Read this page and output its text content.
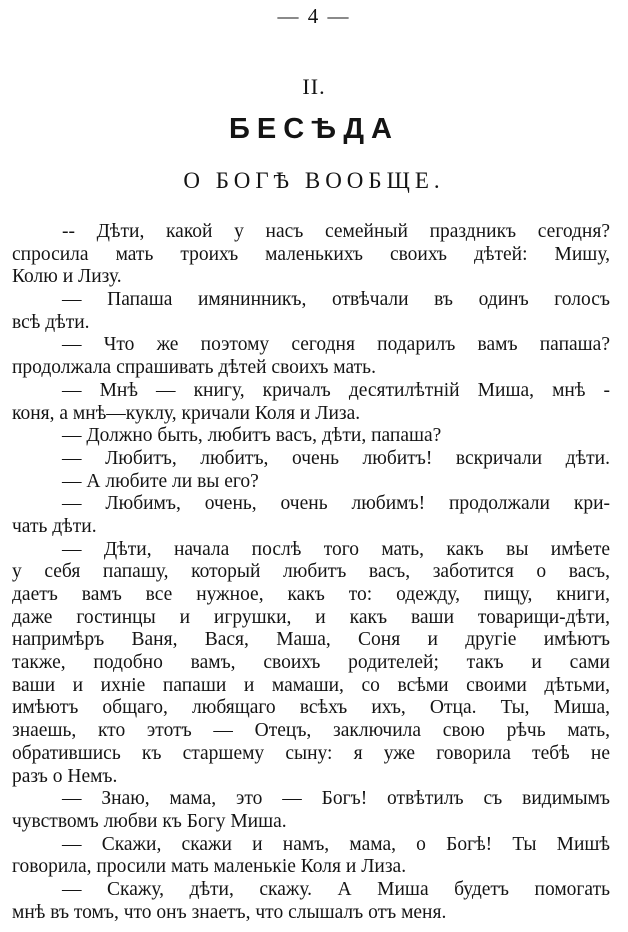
— 4 —
II.
БЕСѢДА
О БОГѢ ВООБЩЕ.
-- Дѣти, какой у насъ семейный праздникъ сегодня?
спросила мать троихъ маленькихъ своихъ дѣтей: Мишу,
Колю и Лизу.
— Папаша имянинникъ, отвѣчали въ одинъ голосъ
всѣ дѣти.
— Что же поэтому сегодня подарилъ вамъ папаша?
продолжала спрашивать дѣтей своихъ мать.
— Мнѣ — книгу, кричалъ десятилѣтній Миша, мнѣ -
коня, а мнѣ—куклу, кричали Коля и Лиза.
— Должно быть, любитъ васъ, дѣти, папаша?
— Любитъ, любитъ, очень любитъ! вскричали дѣти.
— А любите ли вы его?
— Любимъ, очень, очень любимъ! продолжали кри-
чать дѣти.
— Дѣти, начала послѣ того мать, какъ вы имѣете
у себя папашу, который любитъ васъ, заботится о васъ,
даетъ вамъ все нужное, какъ то: одежду, пищу, книги,
даже гостинцы и игрушки, и какъ ваши товарищи-дѣти,
напримѣръ Ваня, Вася, Маша, Соня и другіе имѣютъ
также, подобно вамъ, своихъ родителей; такъ и сами
ваши и ихніе папаши и мамаши, со всѣми своими дѣтьми,
имѣютъ общаго, любящаго всѣхъ ихъ, Отца. Ты, Миша,
знаешь, кто этотъ — Отецъ, заключила свою рѣчь мать,
обратившись къ старшему сыну: я уже говорила тебѣ не
разъ о Немъ.
— Знаю, мама, это — Богъ! отвѣтилъ съ видимымъ
чувствомъ любви къ Богу Миша.
— Скажи, скажи и намъ, мама, о Богѣ! Ты Мишѣ
говорила, просили мать маленькіе Коля и Лиза.
— Скажу, дѣти, скажу. А Миша будетъ помогать
мнѣ въ томъ, что онъ знаетъ, что слышалъ отъ меня.
